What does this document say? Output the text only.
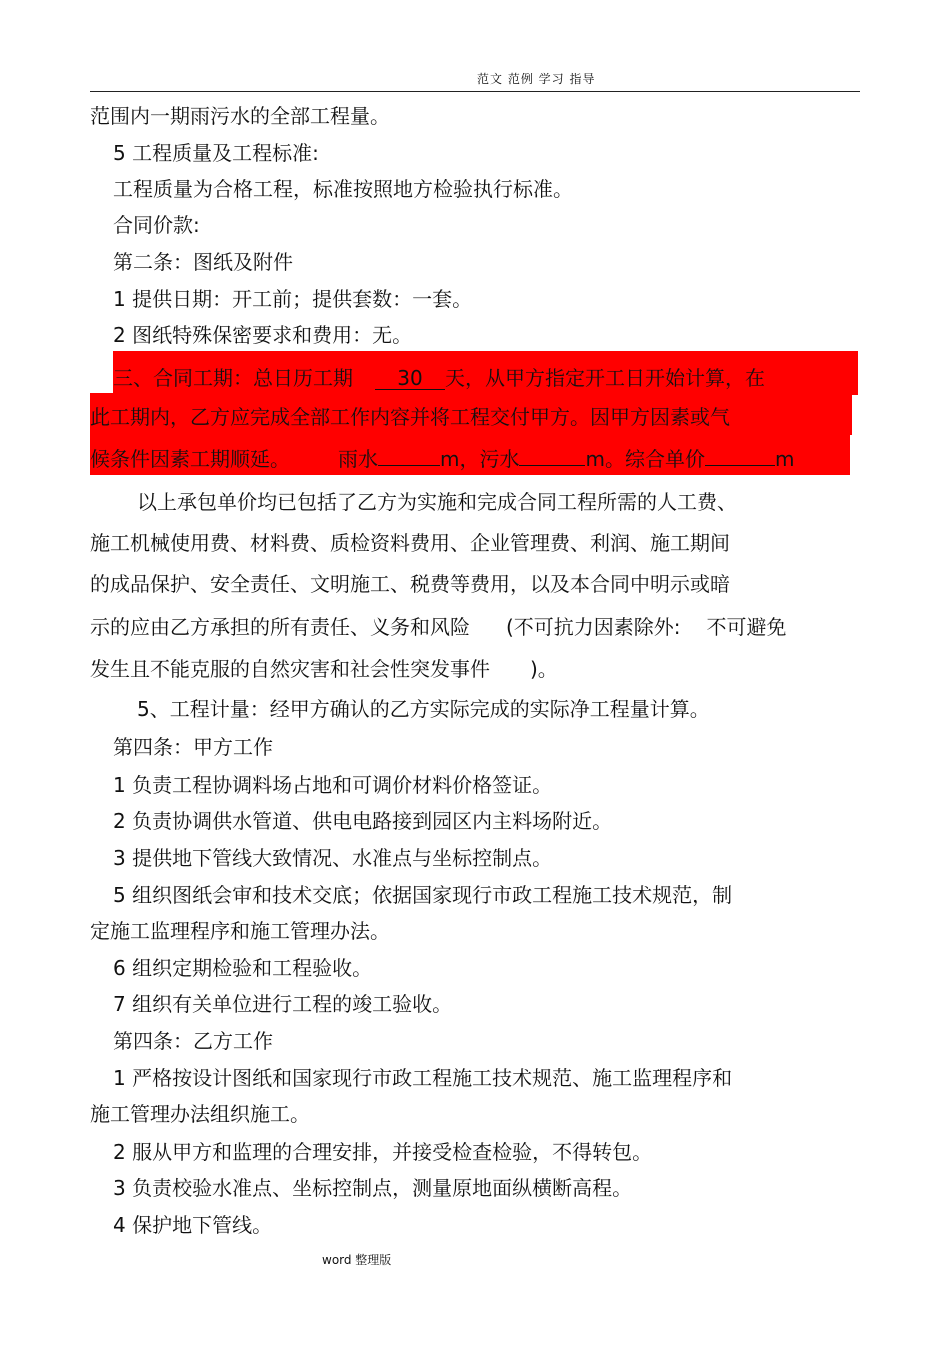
范文 范例 学习 指导
范围内一期雨污水的全部工程量。
5 工程质量及工程标准:
工程质量为合格工程，标准按照地方检验执行标准。
合同价款:
第二条：图纸及附件
1 提供日期：开工前；提供套数：一套。
2 图纸特殊保密要求和费用：无。
三、合同工期：总日历工期 30 天，从甲方指定开工日开始计算，在
此工期内，乙方应完成全部工作内容并将工程交付甲方。因甲方因素或气
候条件因素工期顺延。 雨水	m，污水	m。综合单价	m
以上承包单价均已包括了乙方为实施和完成合同工程所需的人工费、
施工机械使用费、材料费、质检资料费用、企业管理费、利润、施工期间
的成品保护、安全责任、文明施工、税费等费用，以及本合同中明示或暗
示的应由乙方承担的所有责任、义务和风险 (不可抗力因素除外: 不可避免
发生且不能克服的自然灾害和社会性突发事件 )。
5、工程计量：经甲方确认的乙方实际完成的实际净工程量计算。
第四条：甲方工作
1 负责工程协调料场占地和可调价材料价格签证。
2 负责协调供水管道、供电电路接到园区内主料场附近。
3 提供地下管线大致情况、水准点与坐标控制点。
5 组织图纸会审和技术交底；依据国家现行市政工程施工技术规范，制
定施工监理程序和施工管理办法。
6 组织定期检验和工程验收。
7 组织有关单位进行工程的竣工验收。
第四条：乙方工作
1 严格按设计图纸和国家现行市政工程施工技术规范、施工监理程序和
施工管理办法组织施工。
2 服从甲方和监理的合理安排，并接受检查检验，不得转包。
3 负责校验水准点、坐标控制点，测量原地面纵横断高程。
4 保护地下管线。
word 整理版
